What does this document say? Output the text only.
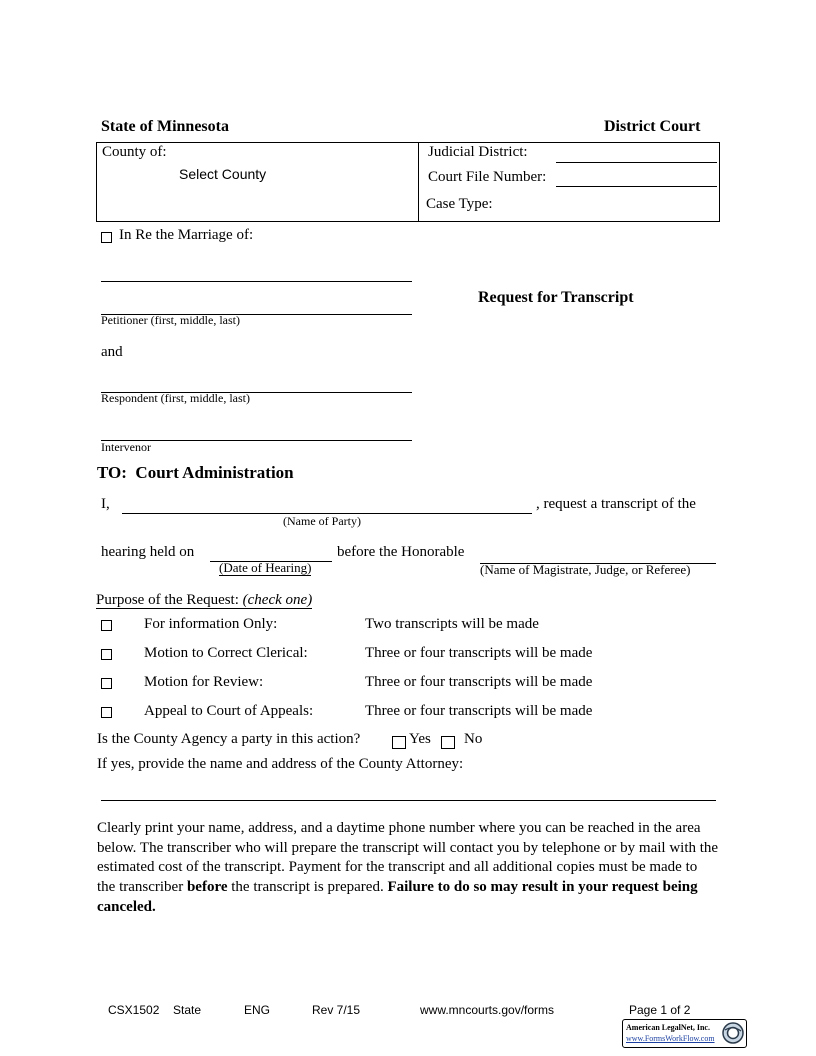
State of Minnesota	District Court
County of:
Select County
Judicial District:
Court File Number:
Case Type:
In Re the Marriage of:
Petitioner (first, middle, last)
and
Respondent (first, middle, last)
Intervenor
Request for Transcript
TO:  Court Administration
I,	, request a transcript of the
(Name of Party)
hearing held on	before the Honorable
(Date of Hearing)	(Name of Magistrate, Judge, or Referee)
Purpose of the Request: (check one)
For information Only:	Two transcripts will be made
Motion to Correct Clerical:	Three or four transcripts will be made
Motion for Review:	Three or four transcripts will be made
Appeal to Court of Appeals:	Three or four transcripts will be made
Is the County Agency a party in this action?	Yes No
If yes, provide the name and address of the County Attorney:
Clearly print your name, address, and a daytime phone number where you can be reached in the area below. The transcriber who will prepare the transcript will contact you by telephone or by mail with the estimated cost of the transcript. Payment for the transcript and all additional copies must be made to the transcriber before the transcript is prepared. Failure to do so may result in your request being canceled.
CSX1502 State	ENG	Rev 7/15	www.mncourts.gov/forms	Page 1 of 2
American LegalNet, Inc.
www.FormsWorkFlow.com
